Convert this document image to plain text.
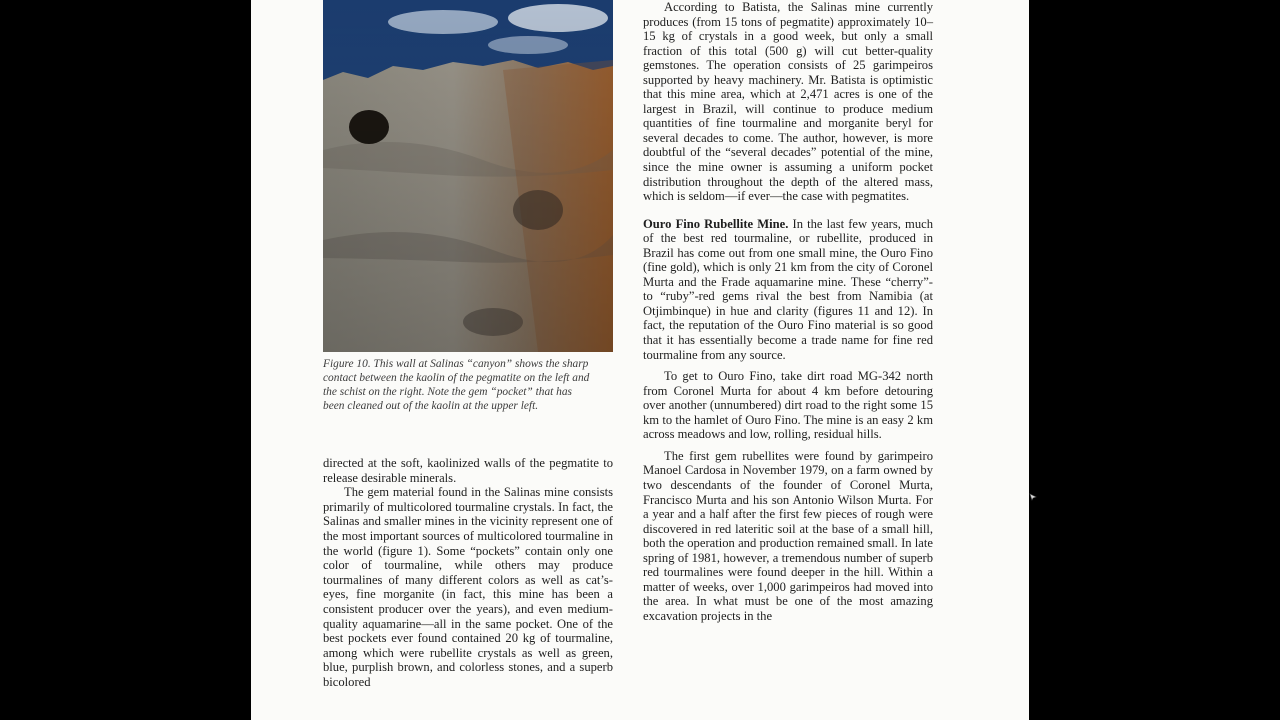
Figure 10. This wall at Salinas “canyon” shows the sharp contact between the kaolin of the pegmatite on the left and the schist on the right. Note the gem “pocket” that has been cleaned out of the kaolin at the upper left.

directed at the soft, kaolinized walls of the pegmatite to release desirable minerals.

The gem material found in the Salinas mine consists primarily of multicolored tourmaline crystals. In fact, the Salinas and smaller mines in the vicinity represent one of the most important sources of multicolored tourmaline in the world (figure 1). Some “pockets” contain only one color of tourmaline, while others may produce tourmalines of many different colors as well as cat’s-eyes, fine morganite (in fact, this mine has been a consistent producer over the years), and even medium-quality aquamarine—all in the same pocket. One of the best pockets ever found contained 20 kg of tourmaline, among which were rubellite crystals as well as green, blue, purplish brown, and colorless stones, and a superb bicolored

According to Batista, the Salinas mine currently produces (from 15 tons of pegmatite) approximately 10–15 kg of crystals in a good week, but only a small fraction of this total (500 g) will cut better-quality gemstones. The operation consists of 25 garimpeiros supported by heavy machinery. Mr. Batista is optimistic that this mine area, which at 2,471 acres is one of the largest in Brazil, will continue to produce medium quantities of fine tourmaline and morganite beryl for several decades to come. The author, however, is more doubtful of the “several decades” potential of the mine, since the mine owner is assuming a uniform pocket distribution throughout the depth of the altered mass, which is seldom—if ever—the case with pegmatites.

Ouro Fino Rubellite Mine. In the last few years, much of the best red tourmaline, or rubellite, produced in Brazil has come out from one small mine, the Ouro Fino (fine gold), which is only 21 km from the city of Coronel Murta and the Frade aquamarine mine. These “cherry”- to “ruby”-red gems rival the best from Namibia (at Otjimbinque) in hue and clarity (figures 11 and 12). In fact, the reputation of the Ouro Fino material is so good that it has essentially become a trade name for fine red tourmaline from any source.

To get to Ouro Fino, take dirt road MG-342 north from Coronel Murta for about 4 km before detouring over another (unnumbered) dirt road to the right some 15 km to the hamlet of Ouro Fino. The mine is an easy 2 km across meadows and low, rolling, residual hills.

The first gem rubellites were found by garimpeiro Manoel Cardosa in November 1979, on a farm owned by two descendants of the founder of Coronel Murta, Francisco Murta and his son Antonio Wilson Murta. For a year and a half after the first few pieces of rough were discovered in red lateritic soil at the base of a small hill, both the operation and production remained small. In late spring of 1981, however, a tremendous number of superb red tourmalines were found deeper in the hill. Within a matter of weeks, over 1,000 garimpeiros had moved into the area. In what must be one of the most amazing excavation projects in the
